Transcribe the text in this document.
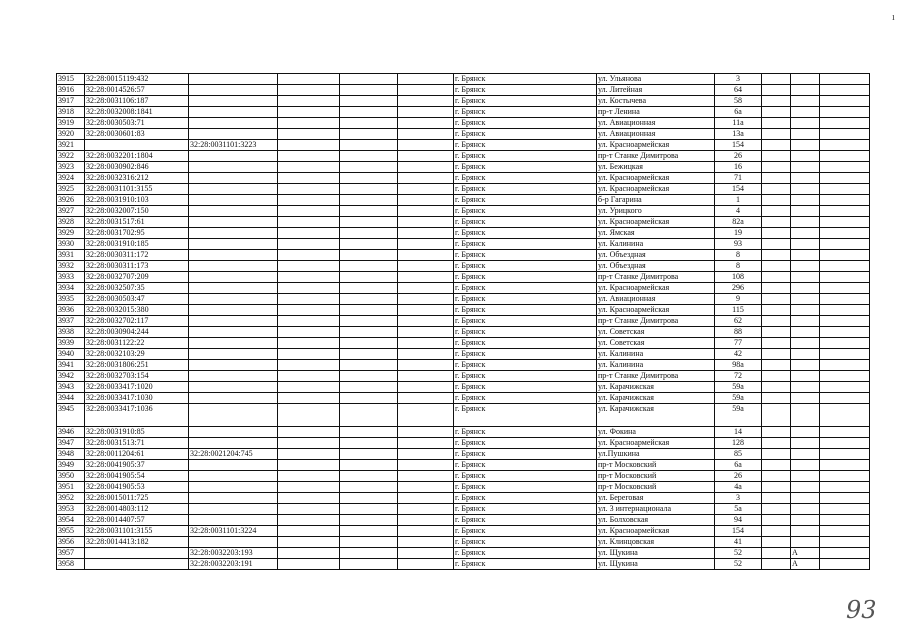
ı
3915	32:28:0015119:432					г. Брянск	ул. Ульянова	3			
3916	32:28:0014526:57					г. Брянск	ул. Литейная	64			
3917	32:28:0031106:187					г. Брянск	ул. Костычева	58			
3918	32:28:0032008:1841					г. Брянск	пр-т Ленина	6а			
3919	32:28:0030503:71					г. Брянск	ул. Авиационная	11а			
3920	32:28:0030601:83					г. Брянск	ул. Авиационная	13а			
3921		32:28:0031101:3223				г. Брянск	ул. Красноармейская	154			
3922	32:28:0032201:1804					г. Брянск	пр-т Станке Димитрова	26			
3923	32:28:0030902:846					г. Брянск	ул. Бежицкая	16			
3924	32:28:0032316:212					г. Брянск	ул. Красноармейская	71			
3925	32:28:0031101:3155					г. Брянск	ул. Красноармейская	154			
3926	32:28:0031910:103					г. Брянск	б-р Гагарина	1			
3927	32:28:0032007:150					г. Брянск	ул. Урицкого	4			
3928	32:28:0031517:61					г. Брянск	ул. Красноармейская	82а			
3929	32:28:0031702:95					г. Брянск	ул. Ямская	19			
3930	32:28:0031910:185					г. Брянск	ул. Калинина	93			
3931	32:28:0030311:172					г. Брянск	ул. Объездная	8			
3932	32:28:0030311:173					г. Брянск	ул. Объездная	8			
3933	32:28:0032707:209					г. Брянск	пр-т Станке Димитрова	108			
3934	32:28:0032507:35					г. Брянск	ул. Красноармейская	296			
3935	32:28:0030503:47					г. Брянск	ул. Авиационная	9			
3936	32:28:0032015:380					г. Брянск	ул. Красноармейская	115			
3937	32:28:0032702:117					г. Брянск	пр-т Станке Димитрова	62			
3938	32:28:0030904:244					г. Брянск	ул. Советская	88			
3939	32:28:0031122:22					г. Брянск	ул. Советская	77			
3940	32:28:0032103:29					г. Брянск	ул. Калинина	42			
3941	32:28:0031806:251					г. Брянск	ул. Калинина	98а			
3942	32:28:0032703:154					г. Брянск	пр-т Станке Димитрова	72			
3943	32:28:0033417:1020					г. Брянск	ул. Карачижская	59а			
3944	32:28:0033417:1030					г. Брянск	ул. Карачижская	59а			
3945	32:28:0033417:1036					г. Брянск	ул. Карачижская	59а			
3946	32:28:0031910:85					г. Брянск	ул. Фокина	14			
3947	32:28:0031513:71					г. Брянск	ул. Красноармейская	128			
3948	32:28:0011204:61	32:28:0021204:745				г. Брянск	ул.Пушкина	85			
3949	32:28:0041905:37					г. Брянск	пр-т Московский	6а			
3950	32:28:0041905:54					г. Брянск	пр-т Московский	26			
3951	32:28:0041905:53					г. Брянск	пр-т Московский	4а			
3952	32:28:0015011:725					г. Брянск	ул. Береговая	3			
3953	32:28:0014803:112					г. Брянск	ул. 3 интернационала	5а			
3954	32:28:0014407:57					г. Брянск	ул. Болховская	94			
3955	32:28:0031101:3155	32:28:0031101:3224				г. Брянск	ул. Красноармейская	154			
3956	32:28:0014413:182					г. Брянск	ул. Клинцовская	41			
3957		32:28:0032203:193				г. Брянск	ул. Щукина	52		А	
3958		32:28:0032203:191				г. Брянск	ул. Щукина	52		А	
93
